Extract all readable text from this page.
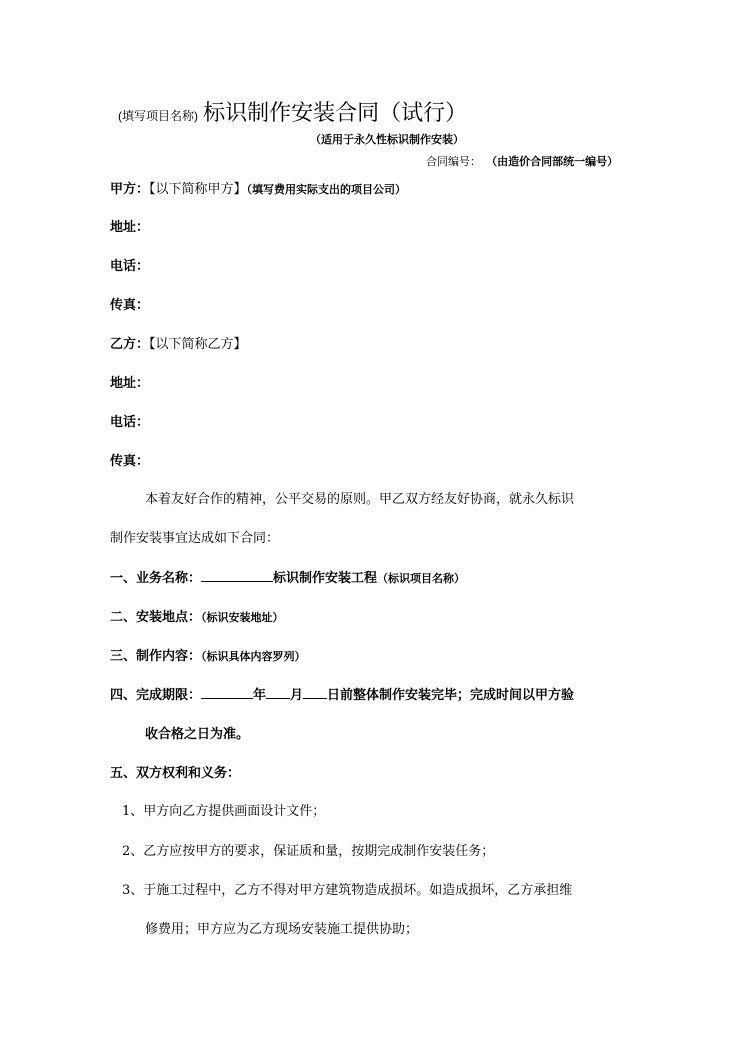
(填写项目名称) 标识制作安装合同（试行）
（适用于永久性标识制作安装）
合同编号： （由造价合同部统一编号）
甲方：【以下简称甲方】（填写费用实际支出的项目公司）
地址：
电话：
传真：
乙方：【以下简称乙方】
地址：
电话：
传真：
本着友好合作的精神，公平交易的原则。甲乙双方经友好协商，就永久标识
制作安装事宜达成如下合同：
一、业务名称：	标识制作安装工程（标识项目名称）
二、安装地点：（标识安装地址）
三、制作内容：（标识具体内容罗列）
四、完成期限：	年 月 日前整体制作安装完毕；完成时间以甲方验
收合格之日为准。
五、双方权利和义务：
1、甲方向乙方提供画面设计文件；
2、乙方应按甲方的要求，保证质和量，按期完成制作安装任务；
3、于施工过程中，乙方不得对甲方建筑物造成损坏。如造成损坏，乙方承担维
修费用；甲方应为乙方现场安装施工提供协助；
